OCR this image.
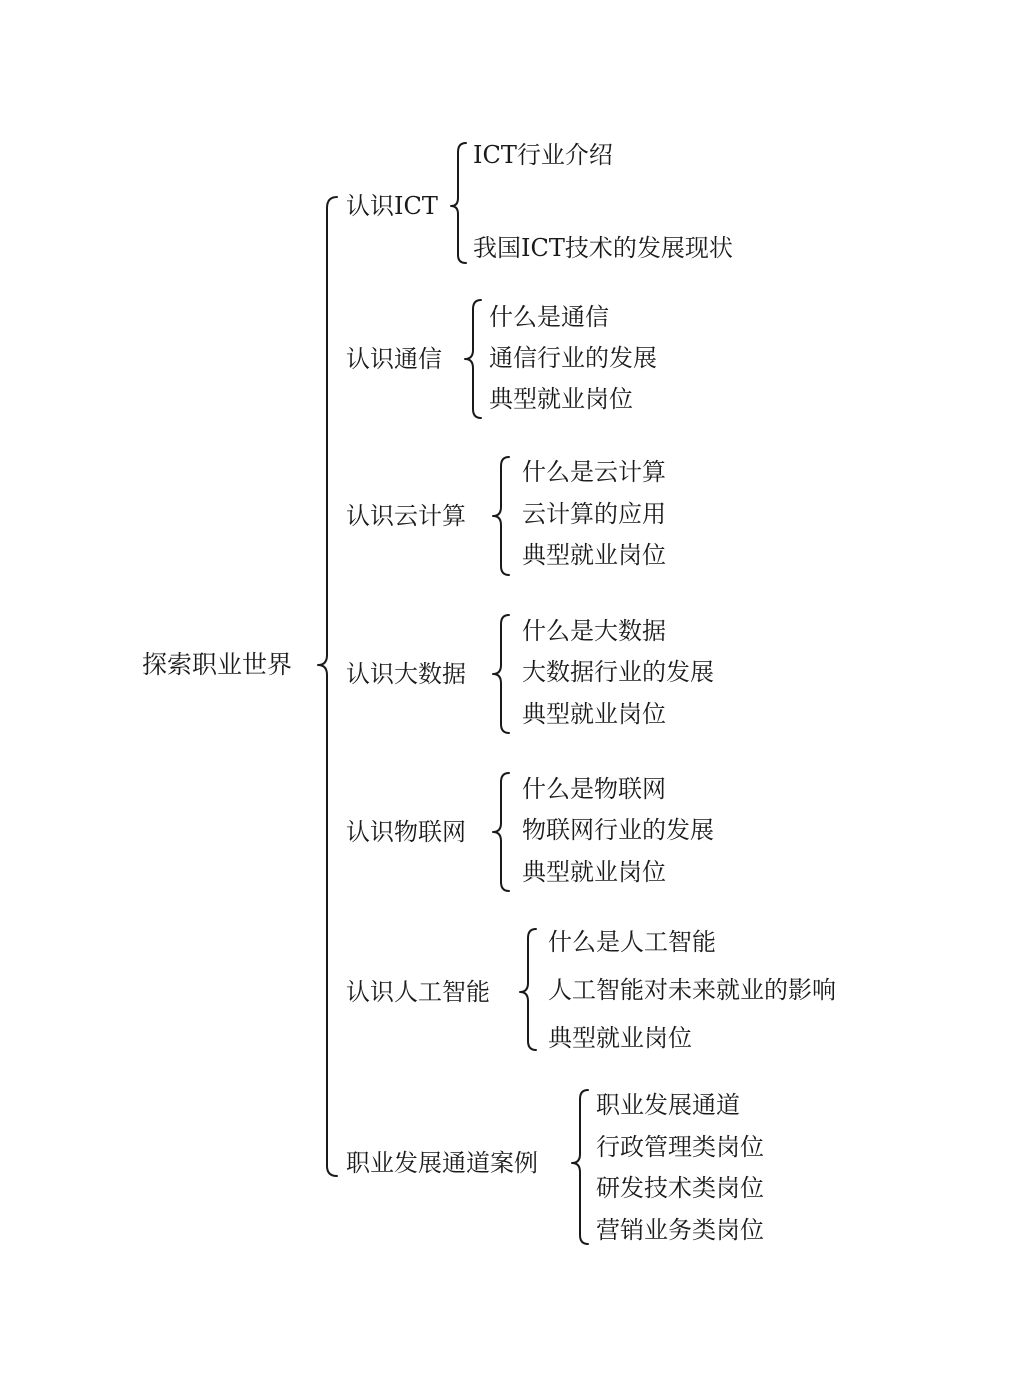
探索职业世界
认识ICT
ICT行业介绍
我国ICT技术的发展现状
认识通信
什么是通信
通信行业的发展
典型就业岗位
认识云计算
什么是云计算
云计算的应用
典型就业岗位
认识大数据
什么是大数据
大数据行业的发展
典型就业岗位
认识物联网
什么是物联网
物联网行业的发展
典型就业岗位
认识人工智能
什么是人工智能
人工智能对未来就业的影响
典型就业岗位
职业发展通道案例
职业发展通道
行政管理类岗位
研发技术类岗位
营销业务类岗位
